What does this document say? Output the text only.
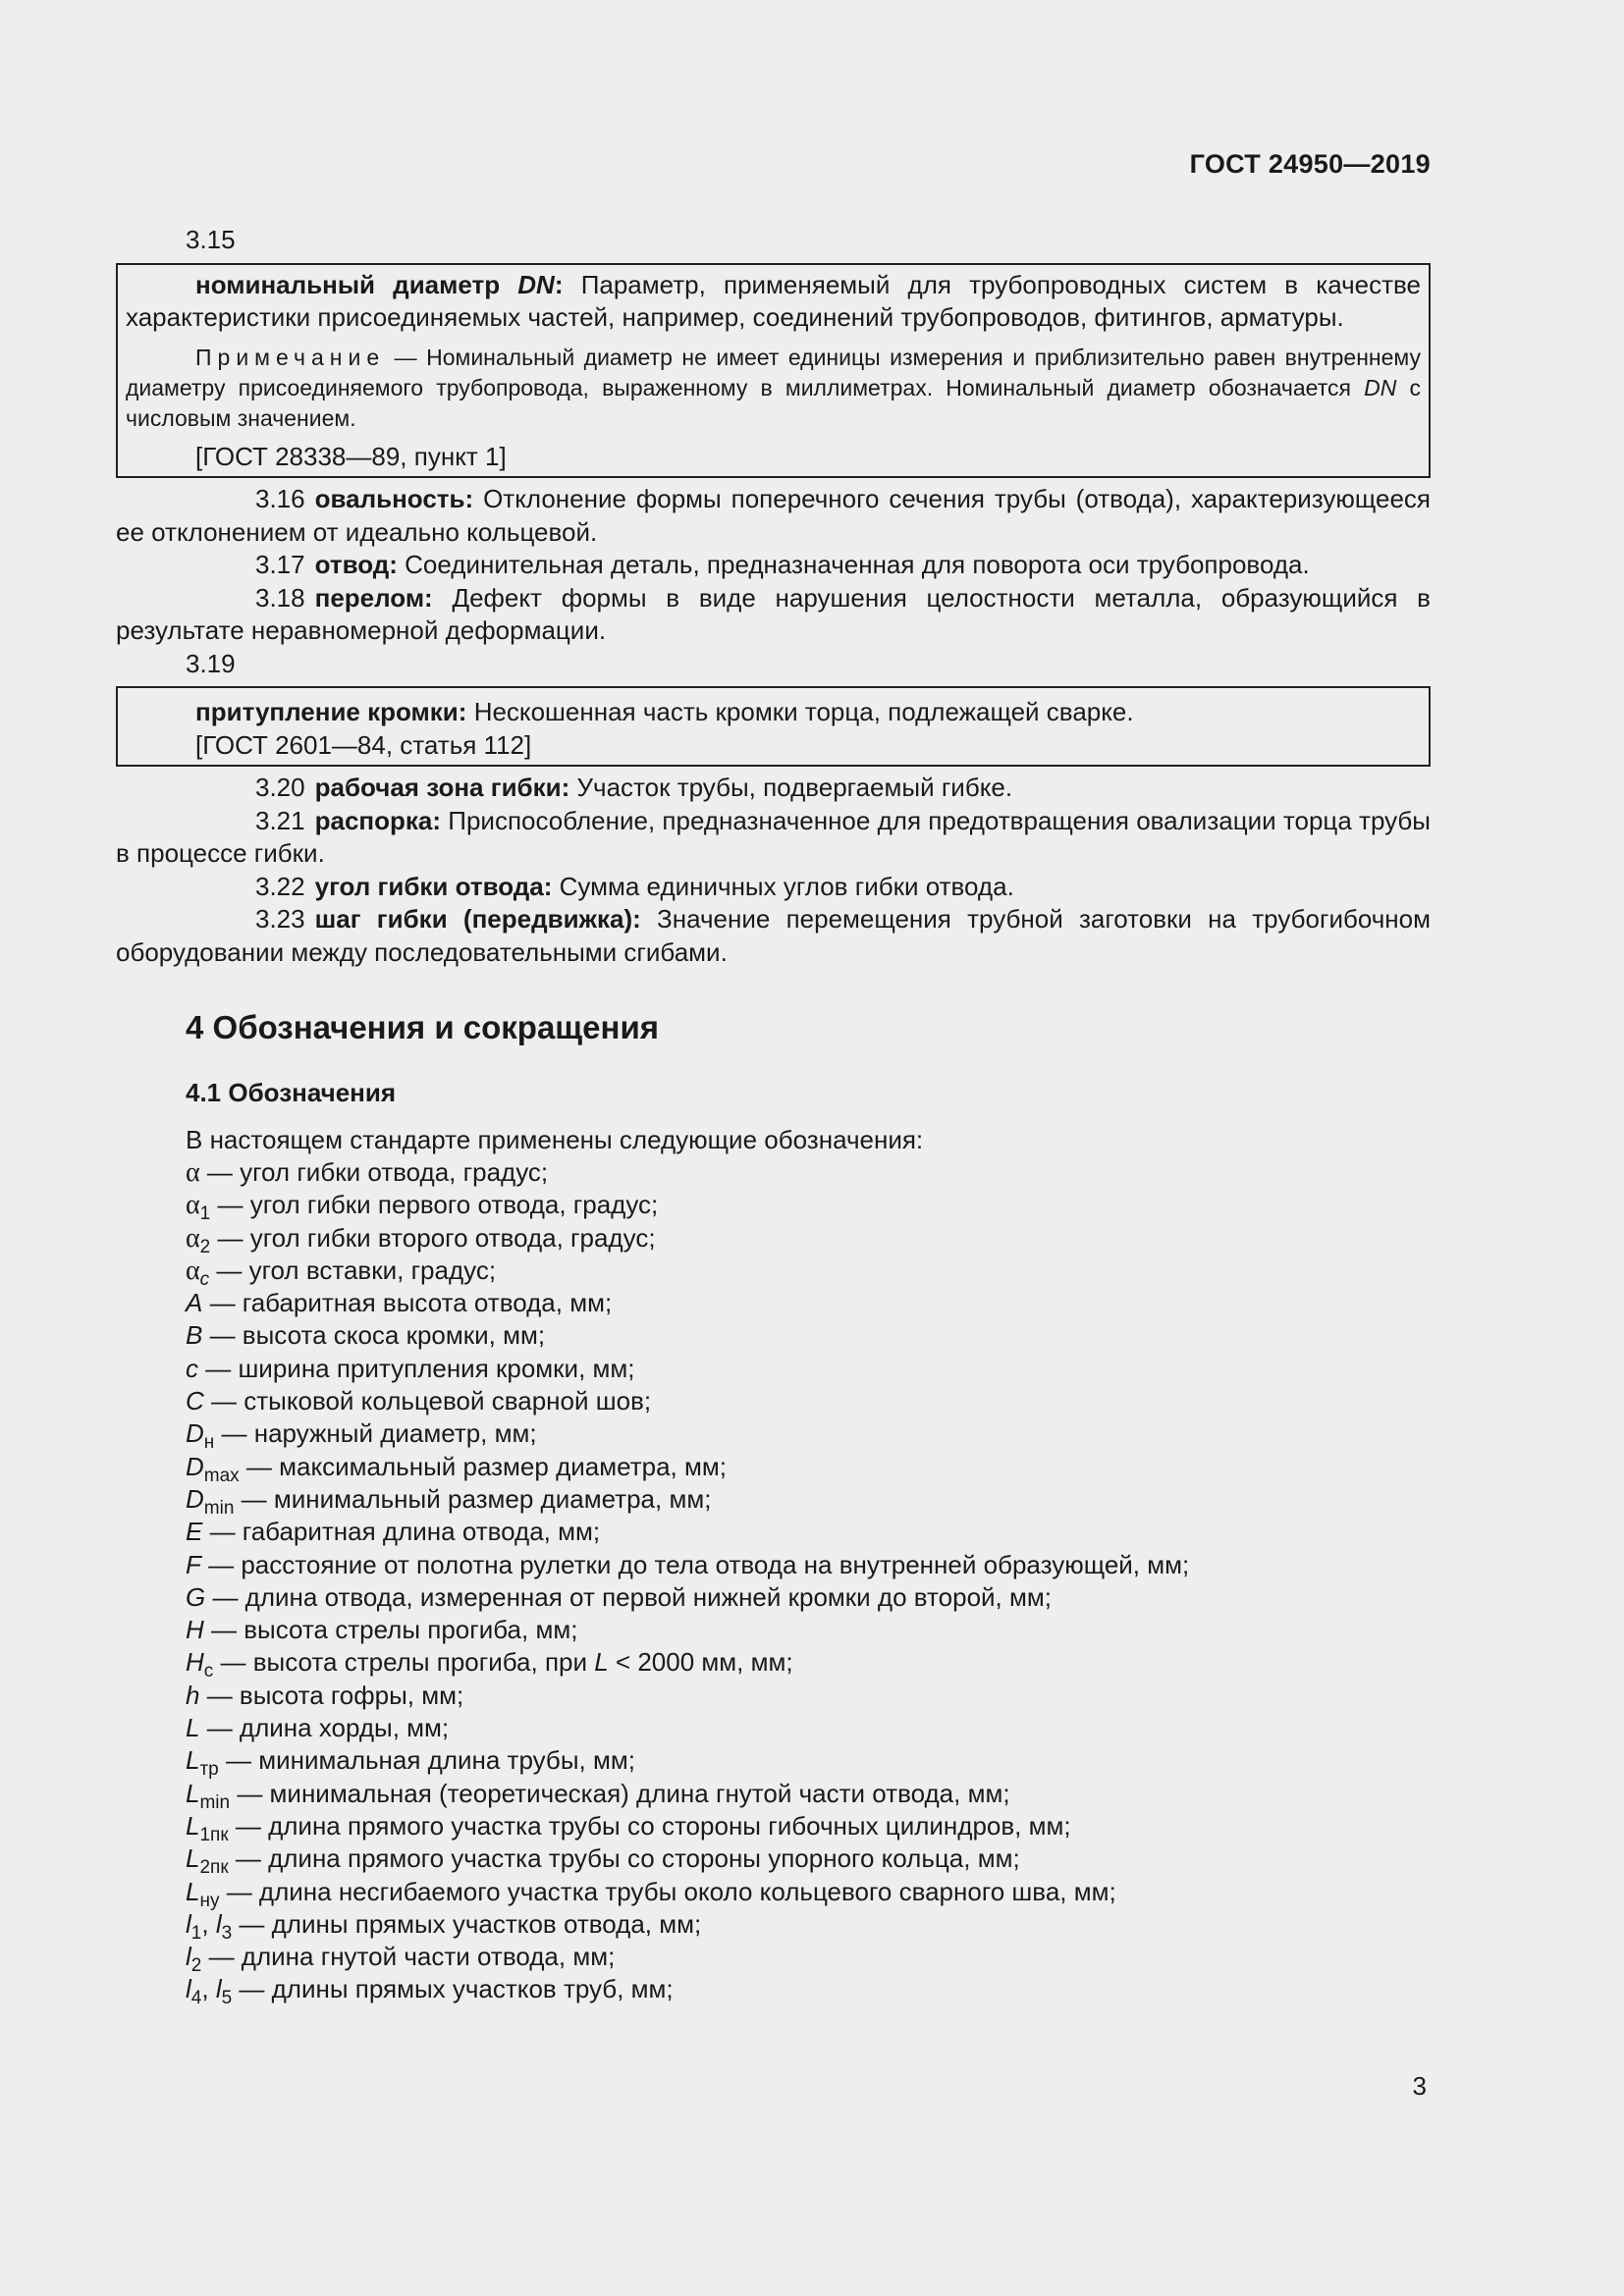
ГОСТ 24950—2019

3.15

номинальный диаметр DN: Параметр, применяемый для трубопроводных систем в качестве характеристики присоединяемых частей, например, соединений трубопроводов, фитингов, арматуры.

Примечание — Номинальный диаметр не имеет единицы измерения и приблизительно равен внутреннему диаметру присоединяемого трубопровода, выраженному в миллиметрах. Номинальный диаметр обозначается DN с числовым значением.

[ГОСТ 28338—89, пункт 1]

3.16 овальность: Отклонение формы поперечного сечения трубы (отвода), характеризующееся ее отклонением от идеально кольцевой.

3.17 отвод: Соединительная деталь, предназначенная для поворота оси трубопровода.

3.18 перелом: Дефект формы в виде нарушения целостности металла, образующийся в результате неравномерной деформации.

3.19

притупление кромки: Нескошенная часть кромки торца, подлежащей сварке.

[ГОСТ 2601—84, статья 112]

3.20 рабочая зона гибки: Участок трубы, подвергаемый гибке.

3.21 распорка: Приспособление, предназначенное для предотвращения овализации торца трубы в процессе гибки.

3.22 угол гибки отвода: Сумма единичных углов гибки отвода.

3.23 шаг гибки (передвижка): Значение перемещения трубной заготовки на трубогибочном оборудовании между последовательными сгибами.

4 Обозначения и сокращения
4.1 Обозначения

В настоящем стандарте применены следующие обозначения:

α — угол гибки отвода, градус;
$\alpha_1$ — угол гибки первого отвода, градус;
$\alpha_2$ — угол гибки второго отвода, градус;
$\alpha_c$ — угол вставки, градус;
A — габаритная высота отвода, мм;
B — высота скоса кромки, мм;
c — ширина притупления кромки, мм;
C — стыковой кольцевой сварной шов;
$D_н$ — наружный диаметр, мм;
$D_{max}$ — максимальный размер диаметра, мм;
$D_{min}$ — минимальный размер диаметра, мм;
E — габаритная длина отвода, мм;
F — расстояние от полотна рулетки до тела отвода на внутренней образующей, мм;
G — длина отвода, измеренная от первой нижней кромки до второй, мм;
H — высота стрелы прогиба, мм;
$H_c$ — высота стрелы прогиба, при L < 2000 мм, мм;
h — высота гофры, мм;
L — длина хорды, мм;
$L_{тр}$ — минимальная длина трубы, мм;
$L_{min}$ — минимальная (теоретическая) длина гнутой части отвода, мм;
$L_{1пк}$ — длина прямого участка трубы со стороны гибочных цилиндров, мм;
$L_{2пк}$ — длина прямого участка трубы со стороны упорного кольца, мм;
$L_{ну}$ — длина несгибаемого участка трубы около кольцевого сварного шва, мм;
$l_1$, $l_3$ — длины прямых участков отвода, мм;
$l_2$ — длина гнутой части отвода, мм;
$l_4$, $l_5$ — длины прямых участков труб, мм;
3
